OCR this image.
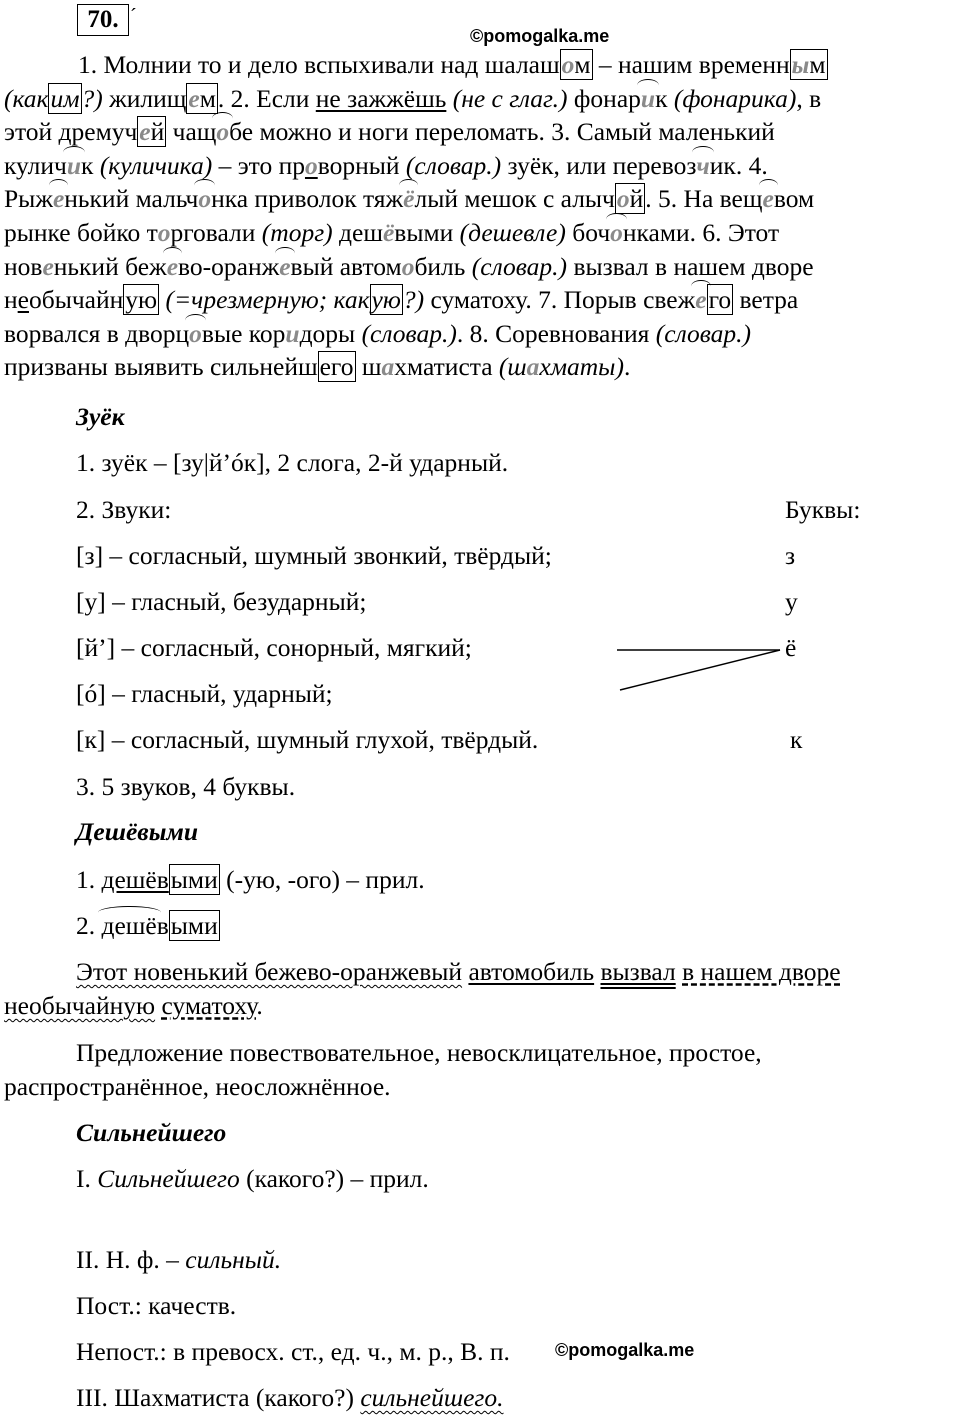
70. ´
©pomogalka.me
1. Молнии то и дело вспыхивали над шалашом – нашим временным
(каким?) жилищем. 2. Если не зажжёшь (не с глаг.) фонарик (фонарика), в
этой дремучей чащобе можно и ноги переломать. 3. Самый маленький
куличик (куличика) – это проворный (словар.) зуёк, или перевозчик. 4.
Рыженький мальчонка приволок тяжёлый мешок с алычой. 5. На вещевом
рынке бойко торговали (торг) дешёвыми (дешевле) бочонками. 6. Этот
новенький бежево-оранжевый автомобиль (словар.) вызвал в нашем дворе
необычайную (=чрезмерную; какую?) суматоху. 7. Порыв свежего ветра
ворвался в дворцовые коридоры (словар.). 8. Соревнования (словар.)
призваны выявить сильнейшего шахматиста (шахматы).
Зуёк
1. зуёк – [зу|й’óк], 2 слога, 2-й ударный.
2. Звуки:	Буквы:
[з] – согласный, шумный звонкий, твёрдый;	з
[у] – гласный, безударный;	у
[й’] – согласный, сонорный, мягкий;	ё
[ó] – гласный, ударный;
[к] – согласный, шумный глухой, твёрдый.	к
3. 5 звуков, 4 буквы.
Дешёвыми
1. дешёвыми (-ую, -ого) – прил.
2. дешёвыми
Этот новенький бежево-оранжевый автомобиль вызвал в нашем дворе
необычайную суматоху.
Предложение повествовательное, невосклицательное, простое,
распространённое, неосложнённое.
Сильнейшего
I. Сильнейшего (какого?) – прил.
II. Н. ф. – сильный.
Пост.: качеств.
Непост.: в превосх. ст., ед. ч., м. р., В. п.	©pomogalka.me
III. Шахматиста (какого?) сильнейшего.
